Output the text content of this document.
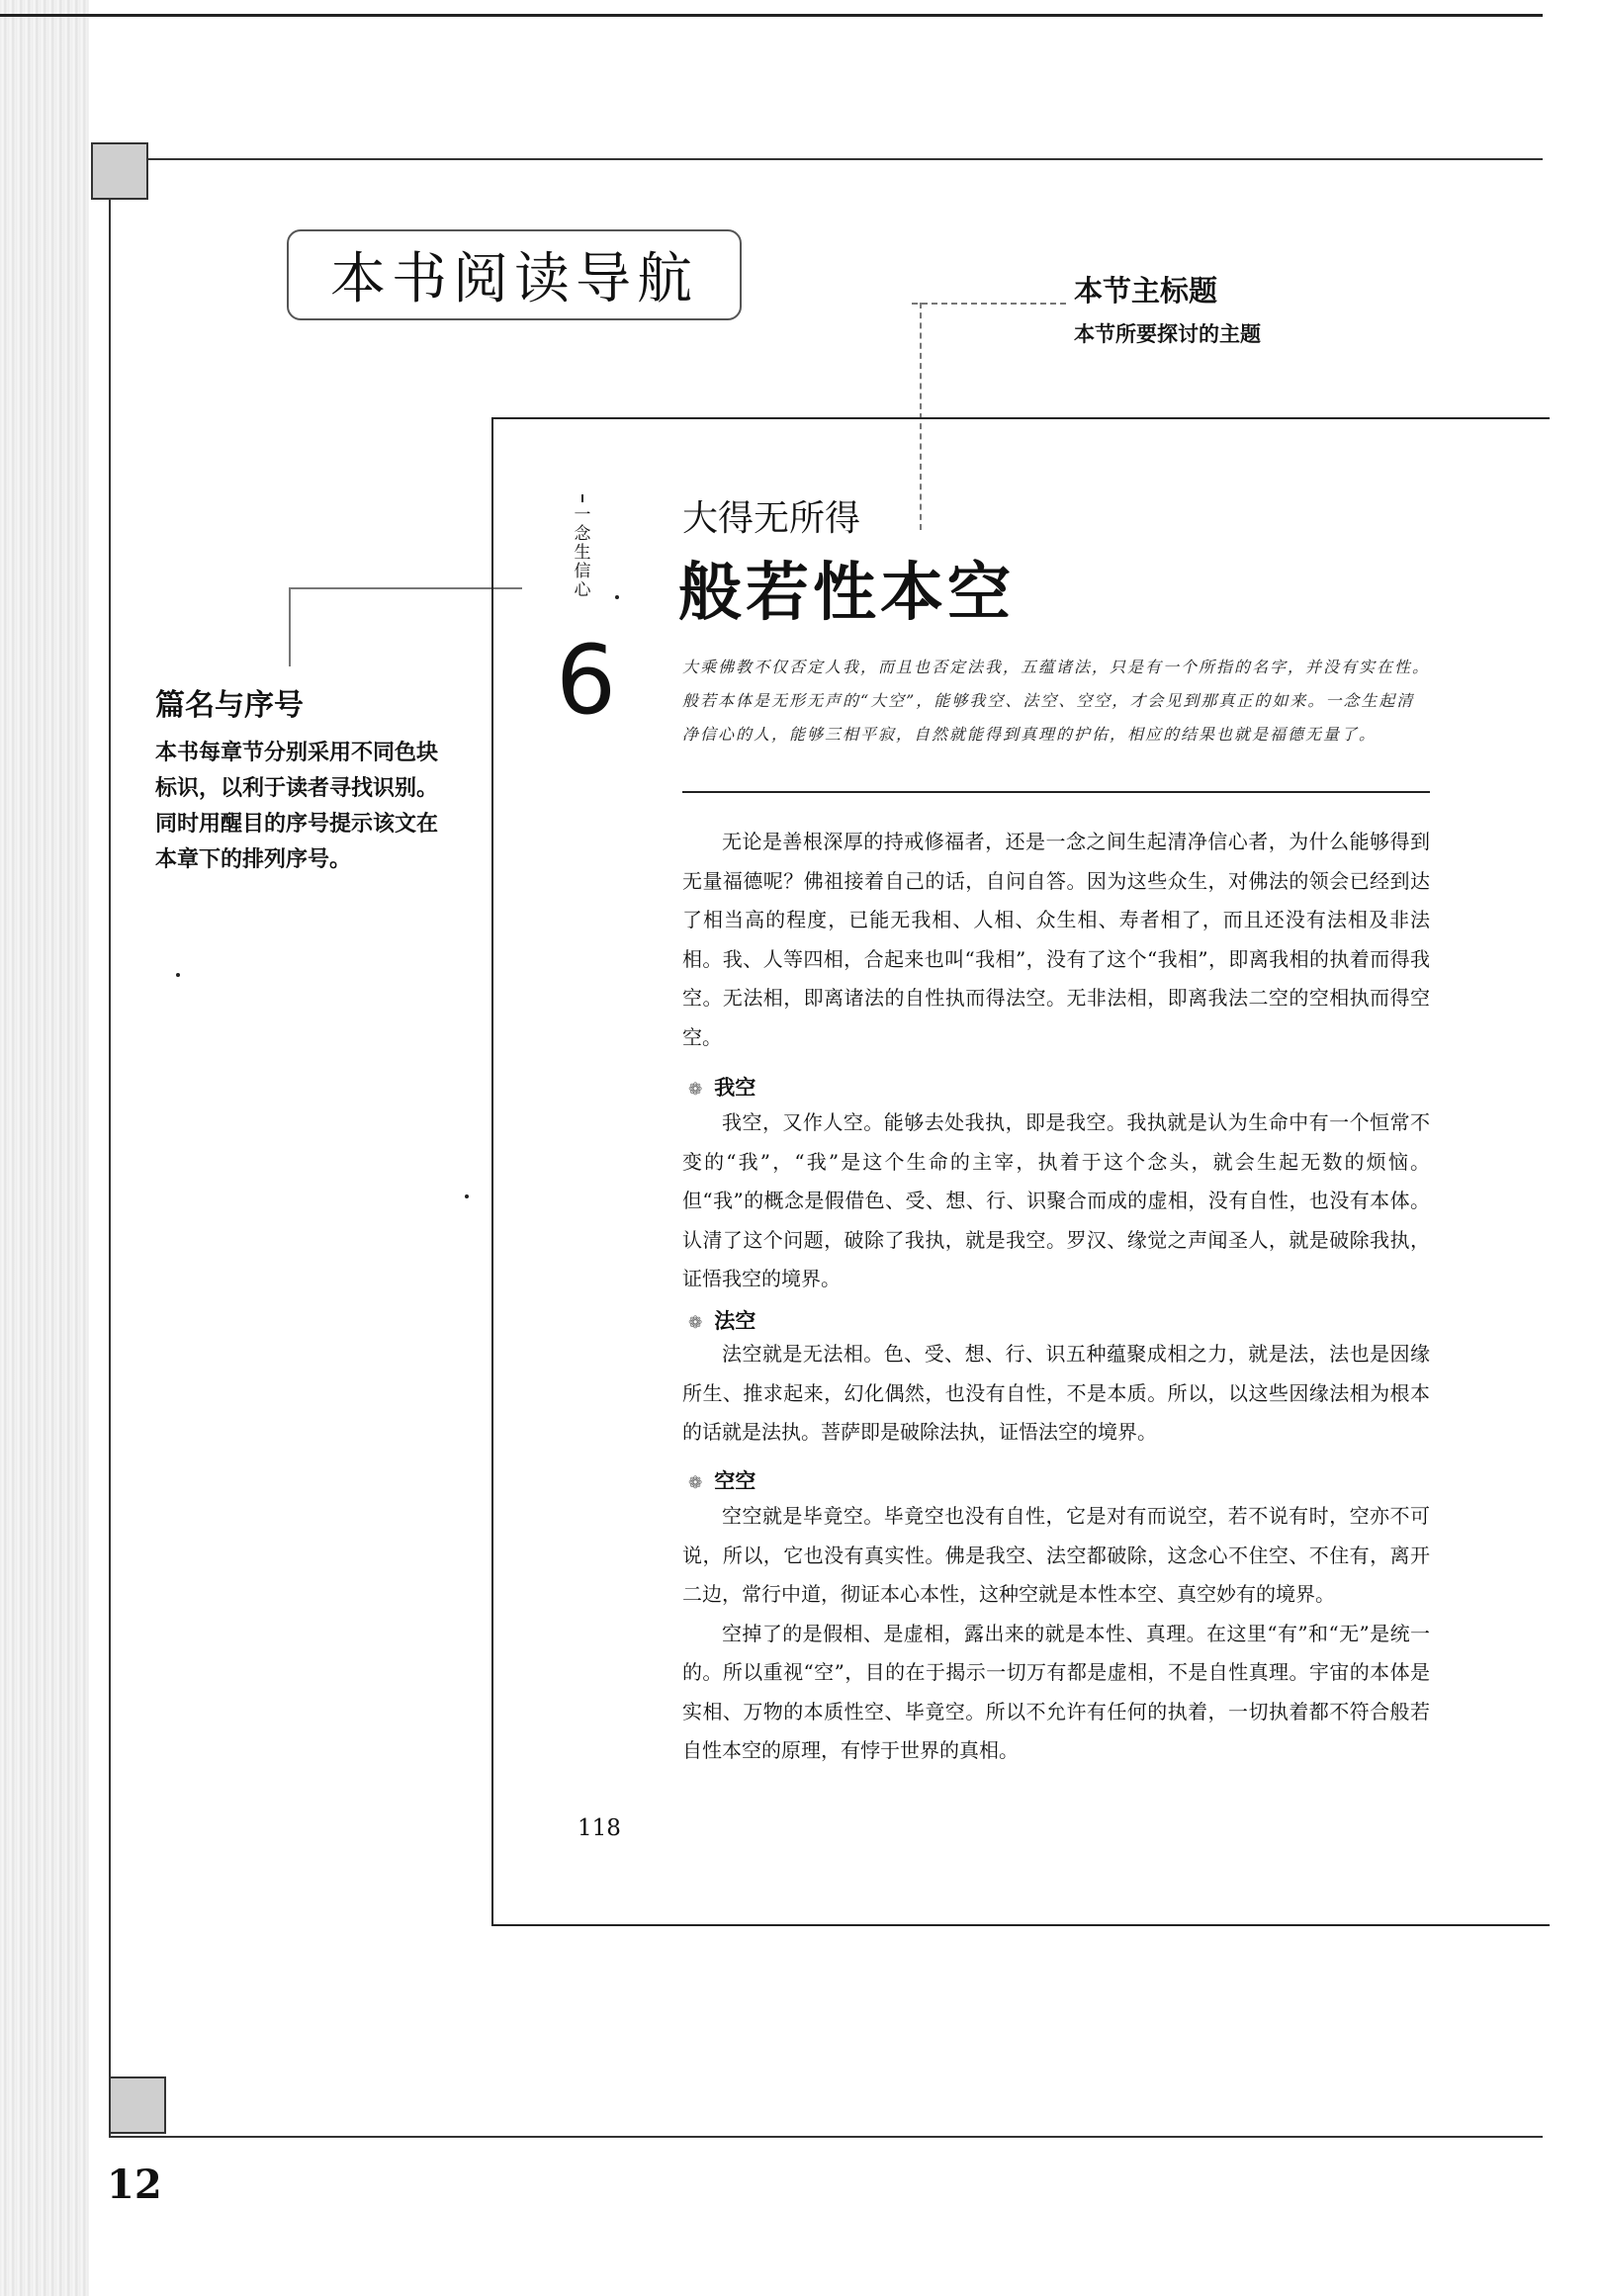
本书阅读导航	本节主标题
本节所要探讨的主题
篇名与序号
本书每章节分别采用不同色块标识，以利于读者寻找识别。同时用醒目的序号提示该文在本章下的排列序号。
一念生信心
6
大得无所得
般若性本空
大乘佛教不仅否定人我，而且也否定法我，五蕴诸法，只是有一个所指的名字，并没有实在性。般若本体是无形无声的“大空”，能够我空、法空、空空，才会见到那真正的如来。一念生起清净信心的人，能够三相平寂，自然就能得到真理的护佑，相应的结果也就是福德无量了。

无论是善根深厚的持戒修福者，还是一念之间生起清净信心者，为什么能够得到无量福德呢？佛祖接着自己的话，自问自答。因为这些众生，对佛法的领会已经到达了相当高的程度，已能无我相、人相、众生相、寿者相了，而且还没有法相及非法相。我、人等四相，合起来也叫“我相”，没有了这个“我相”，即离我相的执着而得我空。无法相，即离诸法的自性执而得法空。无非法相，即离我法二空的空相执而得空空。

❁ 我空

我空，又作人空。能够去处我执，即是我空。我执就是认为生命中有一个恒常不变的“我”，“我”是这个生命的主宰，执着于这个念头，就会生起无数的烦恼。但“我”的概念是假借色、受、想、行、识聚合而成的虚相，没有自性，也没有本体。认清了这个问题，破除了我执，就是我空。罗汉、缘觉之声闻圣人，就是破除我执，证悟我空的境界。

❁ 法空

法空就是无法相。色、受、想、行、识五种蕴聚成相之力，就是法，法也是因缘所生、推求起来，幻化偶然，也没有自性，不是本质。所以，以这些因缘法相为根本的话就是法执。菩萨即是破除法执，证悟法空的境界。

❁ 空空

空空就是毕竟空。毕竟空也没有自性，它是对有而说空，若不说有时，空亦不可说，所以，它也没有真实性。佛是我空、法空都破除，这念心不住空、不住有，离开二边，常行中道，彻证本心本性，这种空就是本性本空、真空妙有的境界。

空掉了的是假相、是虚相，露出来的就是本性、真理。在这里“有”和“无”是统一的。所以重视“空”，目的在于揭示一切万有都是虚相，不是自性真理。宇宙的本体是实相、万物的本质性空、毕竟空。所以不允许有任何的执着，一切执着都不符合般若自性本空的原理，有悖于世界的真相。

118
12
